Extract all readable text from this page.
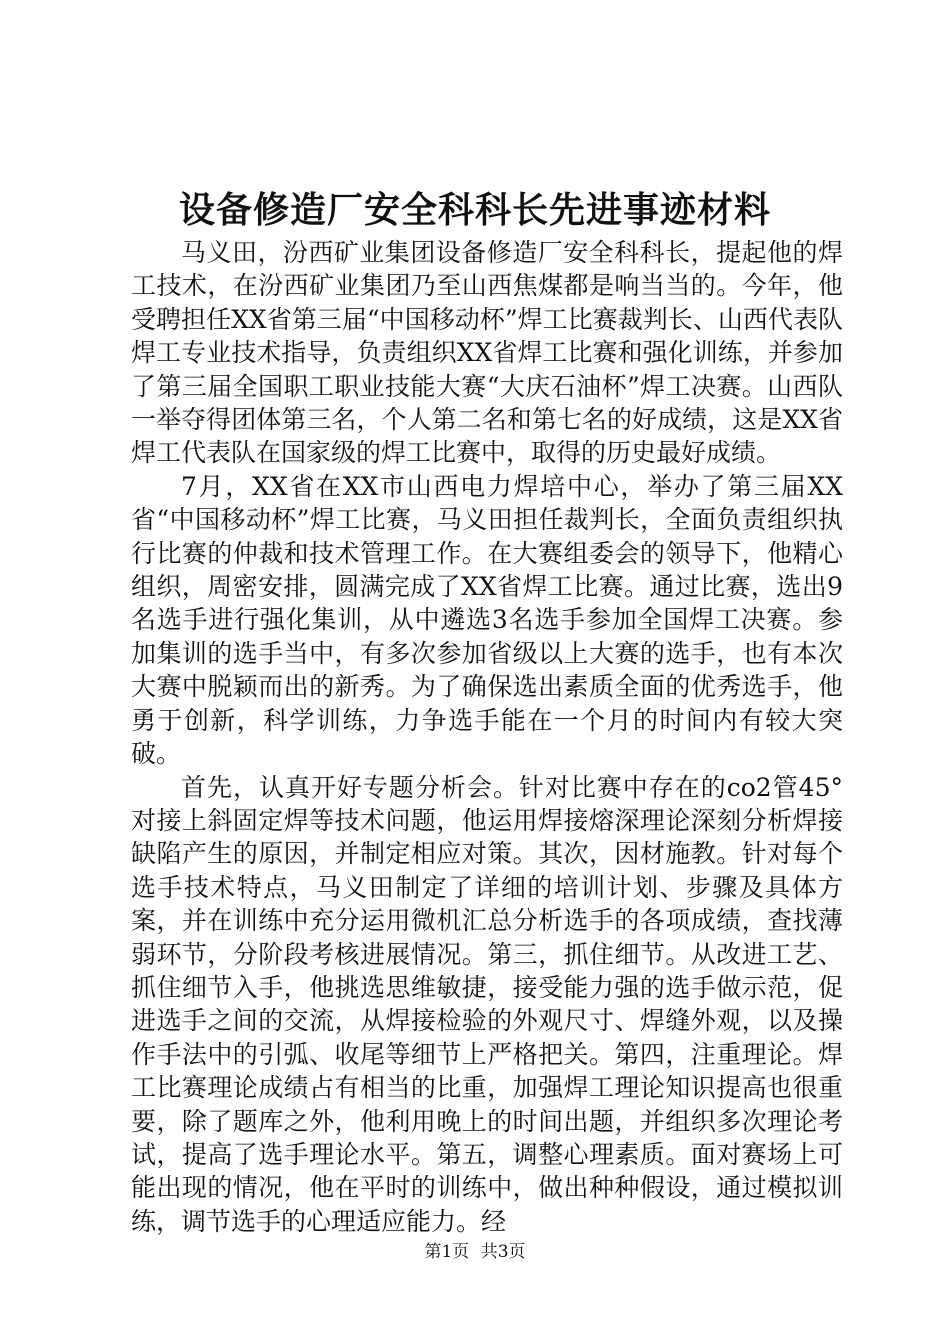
设备修造厂安全科科长先进事迹材料

马义田，汾西矿业集团设备修造厂安全科科长，提起他的焊工技术，在汾西矿业集团乃至山西焦煤都是响当当的。今年，他受聘担任XX省第三届“中国移动杯”焊工比赛裁判长、山西代表队焊工专业技术指导，负责组织XX省焊工比赛和强化训练，并参加了第三届全国职工职业技能大赛“大庆石油杯”焊工决赛。山西队一举夺得团体第三名，个人第二名和第七名的好成绩，这是XX省焊工代表队在国家级的焊工比赛中，取得的历史最好成绩。

7月，XX省在XX市山西电力焊培中心，举办了第三届XX省“中国移动杯”焊工比赛，马义田担任裁判长，全面负责组织执行比赛的仲裁和技术管理工作。在大赛组委会的领导下，他精心组织，周密安排，圆满完成了XX省焊工比赛。通过比赛，选出9名选手进行强化集训，从中遴选3名选手参加全国焊工决赛。参加集训的选手当中，有多次参加省级以上大赛的选手，也有本次大赛中脱颖而出的新秀。为了确保选出素质全面的优秀选手，他勇于创新，科学训练，力争选手能在一个月的时间内有较大突破。

首先，认真开好专题分析会。针对比赛中存在的co2管45°对接上斜固定焊等技术问题，他运用焊接熔深理论深刻分析焊接缺陷产生的原因，并制定相应对策。其次，因材施教。针对每个选手技术特点，马义田制定了详细的培训计划、步骤及具体方案，并在训练中充分运用微机汇总分析选手的各项成绩，查找薄弱环节，分阶段考核进展情况。第三，抓住细节。从改进工艺、抓住细节入手，他挑选思维敏捷，接受能力强的选手做示范，促进选手之间的交流，从焊接检验的外观尺寸、焊缝外观，以及操作手法中的引弧、收尾等细节上严格把关。第四，注重理论。焊工比赛理论成绩占有相当的比重，加强焊工理论知识提高也很重要，除了题库之外，他利用晚上的时间出题，并组织多次理论考试，提高了选手理论水平。第五，调整心理素质。面对赛场上可能出现的情况，他在平时的训练中，做出种种假设，通过模拟训练，调节选手的心理适应能力。经

第1页 共3页
